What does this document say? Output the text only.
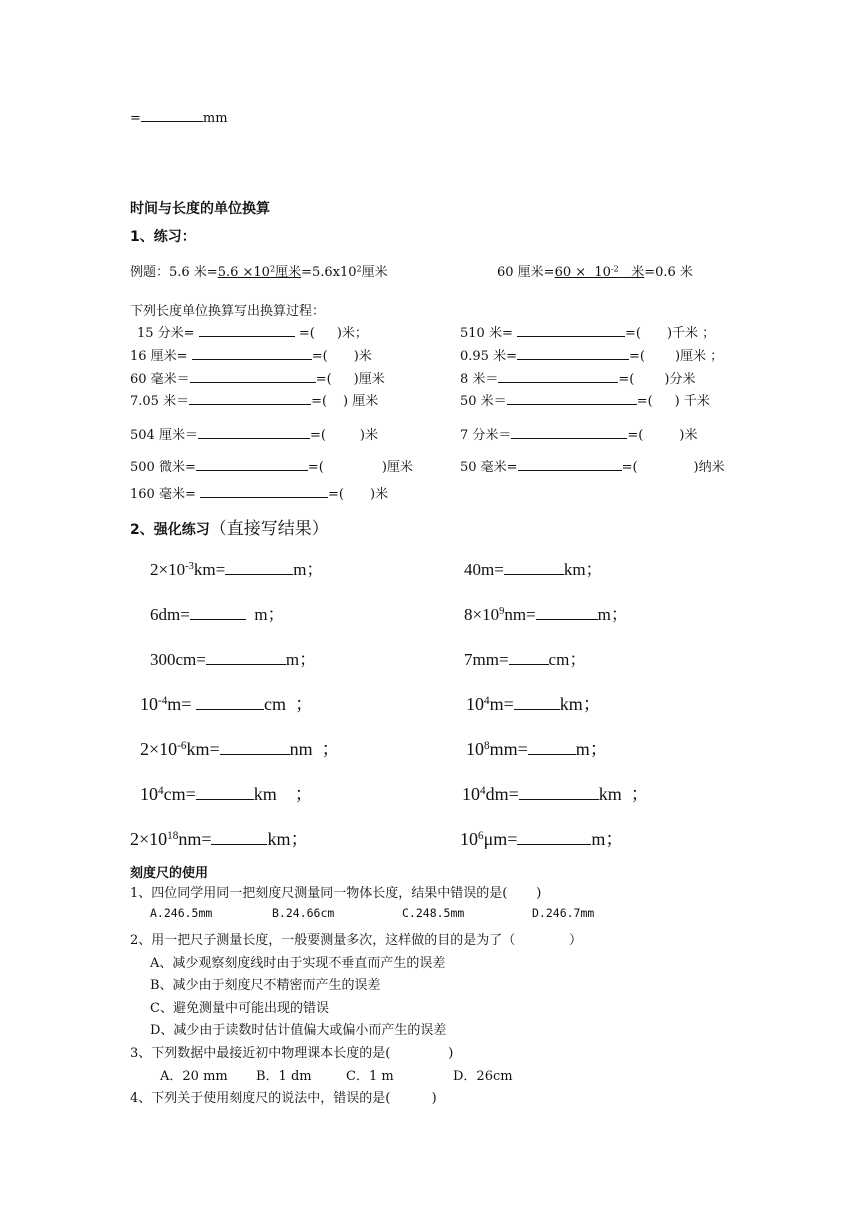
=	mm
时间与长度的单位换算
1、练习：
例题：5.6 米$=5.6 \times 10^2$厘米$=5.6x10^2$厘米	60 厘米$=60 \times 10^{-2}$   米=0.6 米
下列长度单位换算写出换算过程：
15 分米=	=( )米；	510 米=	=( )千米 ；
16 厘米=	=( )米	0.95 米=	=( )厘米 ；
60 毫米＝	=( )厘米	8 米＝	=( )分米
7.05 米＝	=( ) 厘米	50 米＝	=( ) 千米
504 厘米＝	=(	)米	7 分米＝	=(	)米
500 微米=	=(	)厘米	50 毫米=	=(	)纳米
160 毫米=	=( )米
2、强化练习（直接写结果）
$2\times 10^{-3}km=$	m；	40m=	km；
6dm=	m；	$8\times 10^9nm=$	m；
300cm=	m；	7mm= cm；
$10^{-4}m=$	cm  ；	$10^4m=$	km；
$2\times 10^{-6}km=$	nm  ；	$10^8mm=$	m；
$10^4cm=$	km    ；	$10^4dm=$	km  ；
$2\times 10^{18}nm=$	km；	$10^6\mu m=$	m；
刻度尺的使用
1、四位同学用同一把刻度尺测量同一物体长度，结果中错误的是(       )
A.246.5mm	B.24.66cm	C.248.5mm	D.246.7mm
2、用一把尺子测量长度，一般要测量多次，这样做的目的是为了（             ）
A、减少观察刻度线时由于实现不垂直而产生的误差
B、减少由于刻度尺不精密而产生的误差
C、避免测量中可能出现的错误
D、减少由于读数时估计值偏大或偏小而产生的误差
3、下列数据中最接近初中物理课本长度的是(              )
A．20 mm B．1 dm	C．1 m	D．26cm
4、下列关于使用刻度尺的说法中，错误的是(          )
